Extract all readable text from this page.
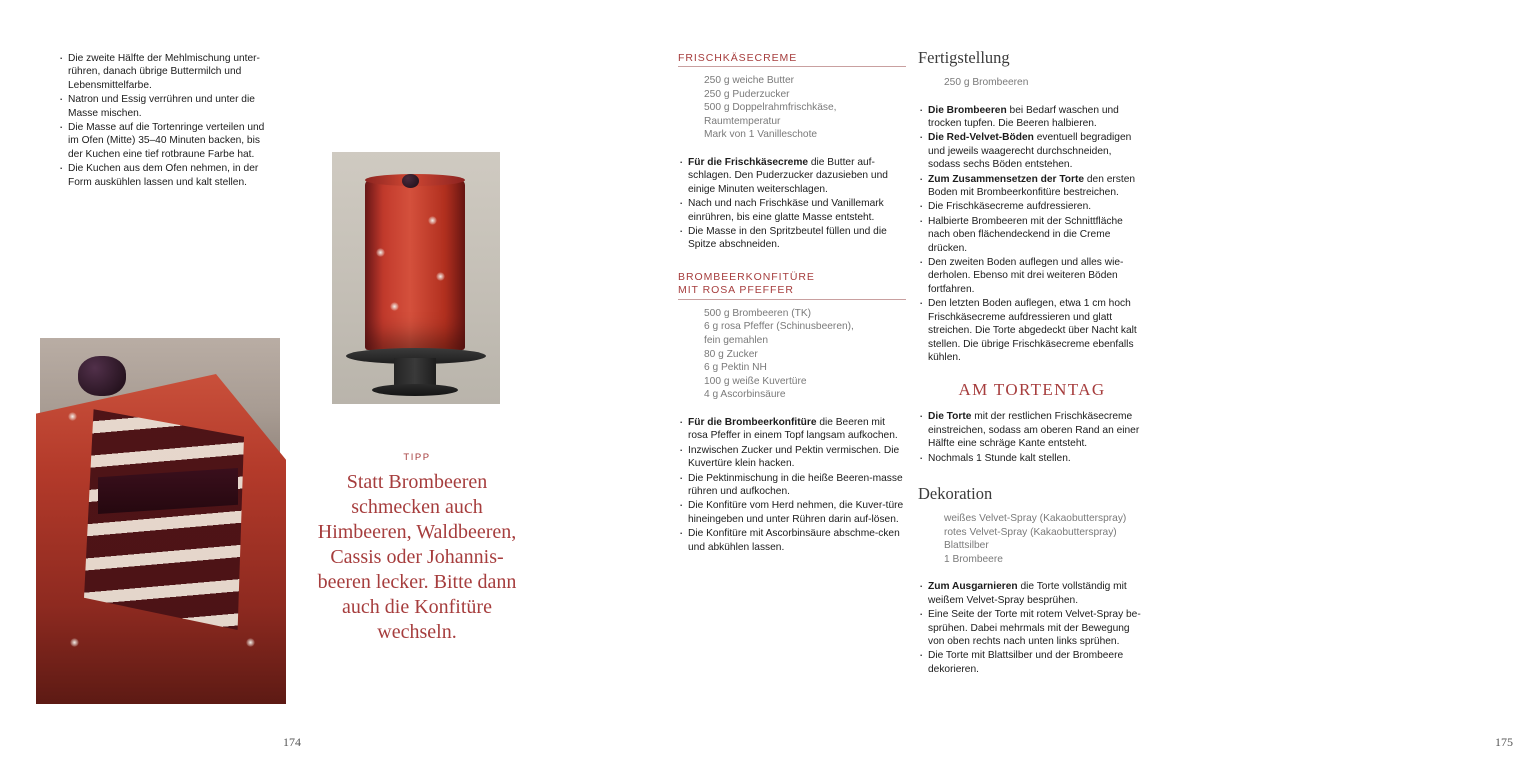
· Die zweite Hälfte der Mehlmischung unter-rühren, danach übrige Buttermilch und Lebensmittelfarbe.
· Natron und Essig verrühren und unter die Masse mischen.
· Die Masse auf die Tortenringe verteilen und im Ofen (Mitte) 35–40 Minuten backen, bis der Kuchen eine tief rotbraune Farbe hat.
· Die Kuchen aus dem Ofen nehmen, in der Form auskühlen lassen und kalt stellen.
TIPP
Statt Brombeeren schmecken auch Himbeeren, Waldbeeren, Cassis oder Johannis-beeren lecker. Bitte dann auch die Konfitüre wechseln.
174
FRISCHKÄSECREME
250 g weiche Butter
250 g Puderzucker
500 g Doppelrahmfrischkäse,
Raumtemperatur
Mark von 1 Vanilleschote
· Für die Frischkäsecreme die Butter auf-schlagen. Den Puderzucker dazusieben und einige Minuten weiterschlagen.
· Nach und nach Frischkäse und Vanillemark einrühren, bis eine glatte Masse entsteht.
· Die Masse in den Spritzbeutel füllen und die Spitze abschneiden.
BROMBEERKONFITÜRE
MIT ROSA PFEFFER
500 g Brombeeren (TK)
6 g rosa Pfeffer (Schinusbeeren),
fein gemahlen
80 g Zucker
6 g Pektin NH
100 g weiße Kuvertüre
4 g Ascorbinsäure
· Für die Brombeerkonfitüre die Beeren mit rosa Pfeffer in einem Topf langsam aufkochen.
· Inzwischen Zucker und Pektin vermischen. Die Kuvertüre klein hacken.
· Die Pektinmischung in die heiße Beeren-masse rühren und aufkochen.
· Die Konfitüre vom Herd nehmen, die Kuver-türe hineingeben und unter Rühren darin auf-lösen.
· Die Konfitüre mit Ascorbinsäure abschme-cken und abkühlen lassen.
Fertigstellung
250 g Brombeeren
· Die Brombeeren bei Bedarf waschen und trocken tupfen. Die Beeren halbieren.
· Die Red-Velvet-Böden eventuell begradigen und jeweils waagerecht durchschneiden, sodass sechs Böden entstehen.
· Zum Zusammensetzen der Torte den ersten Boden mit Brombeerkonfitüre bestreichen.
· Die Frischkäsecreme aufdressieren.
· Halbierte Brombeeren mit der Schnittfläche nach oben flächendeckend in die Creme drücken.
· Den zweiten Boden auflegen und alles wie-derholen. Ebenso mit drei weiteren Böden fortfahren.
· Den letzten Boden auflegen, etwa 1 cm hoch Frischkäsecreme aufdressieren und glatt streichen. Die Torte abgedeckt über Nacht kalt stellen. Die übrige Frischkäsecreme ebenfalls kühlen.
AM TORTENTAG
· Die Torte mit der restlichen Frischkäsecreme einstreichen, sodass am oberen Rand an einer Hälfte eine schräge Kante entsteht.
· Nochmals 1 Stunde kalt stellen.
Dekoration
weißes Velvet-Spray (Kakaobutterspray)
rotes Velvet-Spray (Kakaobutterspray)
Blattsilber
1 Brombeere
· Zum Ausgarnieren die Torte vollständig mit weißem Velvet-Spray besprühen.
· Eine Seite der Torte mit rotem Velvet-Spray be-sprühen. Dabei mehrmals mit der Bewegung von oben rechts nach unten links sprühen.
· Die Torte mit Blattsilber und der Brombeere dekorieren.
175
